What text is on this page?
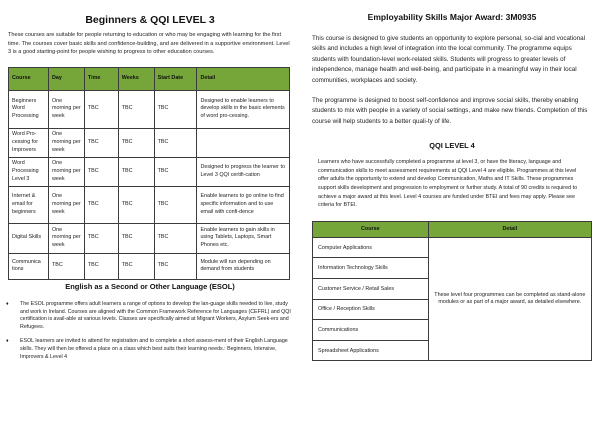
Beginners & QQI LEVEL 3

These courses are suitable for people returning to education or who may be engaging with learning for the first time. The courses cover basic skills and confidence-building, and are delivered in a supportive environment. Level 3 is a good starting-point for people wishing to progress to other education courses.

Course	Day	Time	Weeks	Start Date	Detail
Beginners Word Processing	One morning per week	TBC	TBC	TBC	Designed to enable learners to develop skills in the basic elements of word pro-cessing.
Word Pro-cessing for Improvers	One morning per week	TBC	TBC	TBC	
Word Processing Level 3	One morning per week	TBC	TBC	TBC	Designed to progress the learner to Level 3 QQI certifi-cation
Internet & email for beginners	One morning per week	TBC	TBC	TBC	Enable learners to go online to find specific information and to use email with confi-dence
Digital Skills	One morning per week	TBC	TBC	TBC	Enable learners to gain skills in using Tablets, Laptops, Smart Phones etc.
Communica tions	TBC	TBC	TBC	TBC	Module will run depending on demand from students
English as a Second or Other Language (ESOL)
♦ The ESOL programme offers adult learners a range of options to develop the lan-guage skills needed to live, study and work in Ireland. Courses are aligned with the Common Framework Reference for Languages (CEFRL) and QQI certification is avail-able at various levels. Classes are specifically aimed at Migrant Workers, Asylum Seek-ers and Refugees.
♦ ESOL learners are invited to attend for registration and to complete a short assess-ment of their English Language skills. They will then be offered a place on a class which best suits their learning needs.: Beginners, Intensive, Improvers & Level 4
Employability Skills Major Award: 3M0935

This course is designed to give students an opportunity to explore personal, so-cial and vocational skills and includes a high level of integration into the local community. The programme equips students with foundation-level work-related skills. Students will progress to greater levels of independence, manage health and well-being, and participate in a meaningful way in their local communities, workplaces and society.

The programme is designed to boost self-confidence and improve social skills, thereby enabling students to mix with people in a variety of social settings, and make new friends. Completion of this course will help students to a better quali-ty of life.

QQI LEVEL 4

Learners who have successfully completed a programme at level 3, or have the literacy, language and communication skills to meet assessment requirements at QQI Level 4 are eligible. Programmes at this level offer adults the opportunity to extend and develop Communication, Maths and IT Skills. These programmes support skills development and progression to employment or further study. A total of 90 credits is required to achieve a major award at this level. Level 4 courses are funded under BTEI and fees may apply. Please see criteria for BTEI.

Course	Detail
Computer Applications	These level four programmes can be completed as stand-alone modules or as part of a major award, as detailed elsewhere.
Information Technology Skills	
Customer Service / Retail Sales	
Office / Reception Skills	
Communications	
Spreadsheet Applications	
